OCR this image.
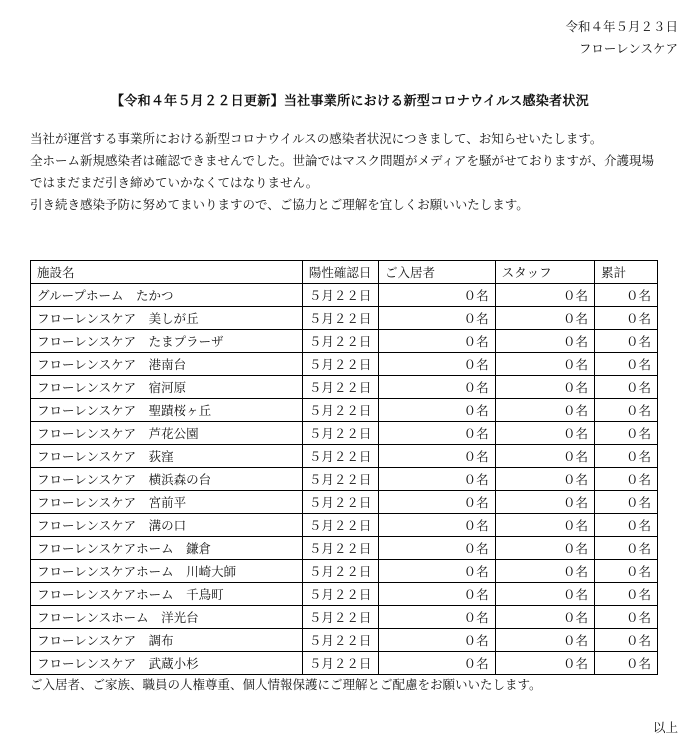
令和４年５月２３日
フローレンスケア
【令和４年５月２２日更新】当社事業所における新型コロナウイルス感染者状況

当社が運営する事業所における新型コロナウイルスの感染者状況につきまして、お知らせいたします。

全ホーム新規感染者は確認できませんでした。世論ではマスク問題がメディアを騒がせておりますが、介護現場

ではまだまだ引き締めていかなくてはなりません。

引き続き感染予防に努めてまいりますので、ご協力とご理解を宜しくお願いいたします。

施設名	陽性確認日	ご入居者	スタッフ	累計
グループホーム　たかつ	５月２２日	０名	０名	０名
フローレンスケア　美しが丘	５月２２日	０名	０名	０名
フローレンスケア　たまプラーザ	５月２２日	０名	０名	０名
フローレンスケア　港南台	５月２２日	０名	０名	０名
フローレンスケア　宿河原	５月２２日	０名	０名	０名
フローレンスケア　聖蹟桜ヶ丘	５月２２日	０名	０名	０名
フローレンスケア　芦花公園	５月２２日	０名	０名	０名
フローレンスケア　荻窪	５月２２日	０名	０名	０名
フローレンスケア　横浜森の台	５月２２日	０名	０名	０名
フローレンスケア　宮前平	５月２２日	０名	０名	０名
フローレンスケア　溝の口	５月２２日	０名	０名	０名
フローレンスケアホーム　鎌倉	５月２２日	０名	０名	０名
フローレンスケアホーム　川崎大師	５月２２日	０名	０名	０名
フローレンスケアホーム　千鳥町	５月２２日	０名	０名	０名
フローレンスホーム　洋光台	５月２２日	０名	０名	０名
フローレンスケア　調布	５月２２日	０名	０名	０名
フローレンスケア　武蔵小杉	５月２２日	０名	０名	０名
ご入居者、ご家族、職員の人権尊重、個人情報保護にご理解とご配慮をお願いいたします。
以上
